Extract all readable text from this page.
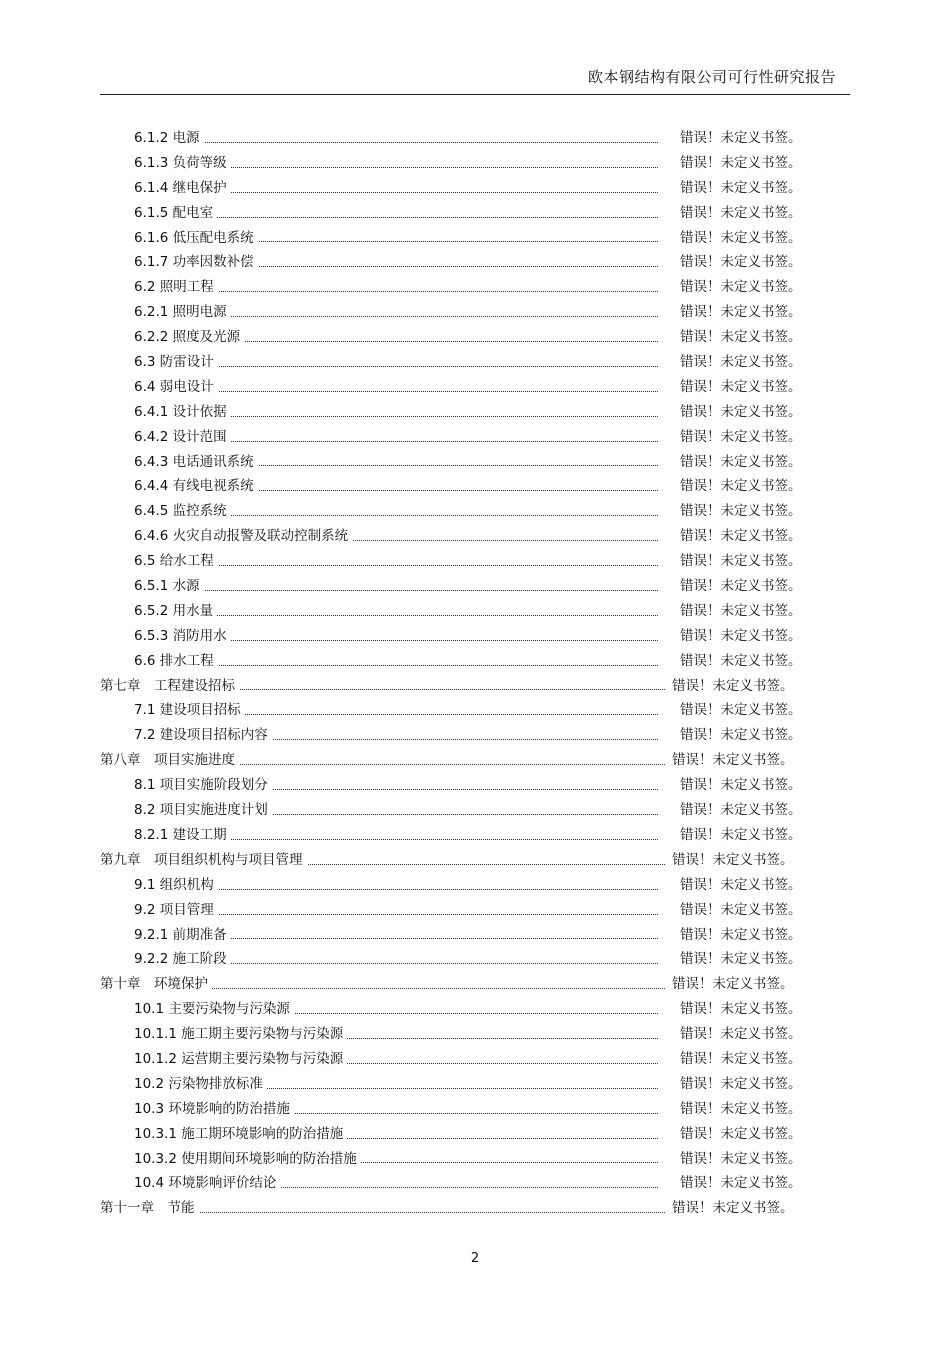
欧本钢结构有限公司可行性研究报告
6.1.2 电源	错误！未定义书签。
6.1.3 负荷等级	错误！未定义书签。
6.1.4 继电保护	错误！未定义书签。
6.1.5 配电室	错误！未定义书签。
6.1.6 低压配电系统	错误！未定义书签。
6.1.7 功率因数补偿	错误！未定义书签。
6.2 照明工程	错误！未定义书签。
6.2.1 照明电源	错误！未定义书签。
6.2.2 照度及光源	错误！未定义书签。
6.3 防雷设计	错误！未定义书签。
6.4 弱电设计	错误！未定义书签。
6.4.1 设计依据	错误！未定义书签。
6.4.2 设计范围	错误！未定义书签。
6.4.3 电话通讯系统	错误！未定义书签。
6.4.4 有线电视系统	错误！未定义书签。
6.4.5 监控系统	错误！未定义书签。
6.4.6 火灾自动报警及联动控制系统	错误！未定义书签。
6.5 给水工程	错误！未定义书签。
6.5.1 水源	错误！未定义书签。
6.5.2 用水量	错误！未定义书签。
6.5.3 消防用水	错误！未定义书签。
6.6 排水工程	错误！未定义书签。
第七章　工程建设招标	错误！未定义书签。
7.1 建设项目招标	错误！未定义书签。
7.2 建设项目招标内容	错误！未定义书签。
第八章　项目实施进度	错误！未定义书签。
8.1 项目实施阶段划分	错误！未定义书签。
8.2 项目实施进度计划	错误！未定义书签。
8.2.1 建设工期	错误！未定义书签。
第九章　项目组织机构与项目管理	错误！未定义书签。
9.1 组织机构	错误！未定义书签。
9.2 项目管理	错误！未定义书签。
9.2.1 前期准备	错误！未定义书签。
9.2.2 施工阶段	错误！未定义书签。
第十章　环境保护	错误！未定义书签。
10.1 主要污染物与污染源	错误！未定义书签。
10.1.1 施工期主要污染物与污染源	错误！未定义书签。
10.1.2 运营期主要污染物与污染源	错误！未定义书签。
10.2 污染物排放标准	错误！未定义书签。
10.3 环境影响的防治措施	错误！未定义书签。
10.3.1 施工期环境影响的防治措施	错误！未定义书签。
10.3.2 使用期间环境影响的防治措施	错误！未定义书签。
10.4 环境影响评价结论	错误！未定义书签。
第十一章　节能	错误！未定义书签。
2
